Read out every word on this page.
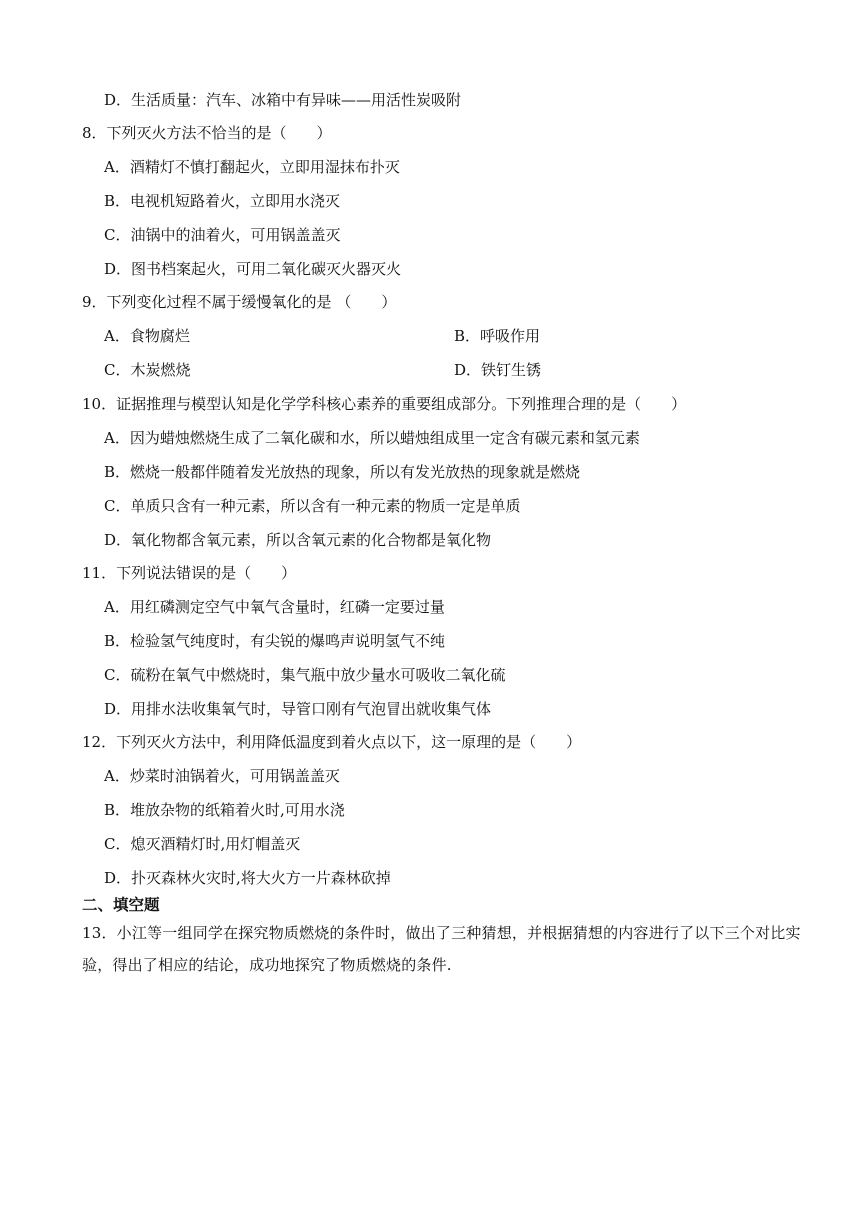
D．生活质量：汽车、冰箱中有异味——用活性炭吸附
8．下列灭火方法不恰当的是（　　）
A．酒精灯不慎打翻起火，立即用湿抹布扑灭
B．电视机短路着火，立即用水浇灭
C．油锅中的油着火，可用锅盖盖灭
D．图书档案起火，可用二氧化碳灭火器灭火
9．下列变化过程不属于缓慢氧化的是 （　　）
A．食物腐烂	B．呼吸作用
C．木炭燃烧	D．铁钉生锈
10．证据推理与模型认知是化学学科核心素养的重要组成部分。下列推理合理的是（　　）
A．因为蜡烛燃烧生成了二氧化碳和水，所以蜡烛组成里一定含有碳元素和氢元素
B．燃烧一般都伴随着发光放热的现象，所以有发光放热的现象就是燃烧
C．单质只含有一种元素，所以含有一种元素的物质一定是单质
D．氧化物都含氧元素，所以含氧元素的化合物都是氧化物
11．下列说法错误的是（　　）
A．用红磷测定空气中氧气含量时，红磷一定要过量
B．检验氢气纯度时，有尖锐的爆鸣声说明氢气不纯
C．硫粉在氧气中燃烧时，集气瓶中放少量水可吸收二氧化硫
D．用排水法收集氧气时，导管口刚有气泡冒出就收集气体
12．下列灭火方法中，利用降低温度到着火点以下，这一原理的是（　　）
A．炒菜时油锅着火，可用锅盖盖灭
B．堆放杂物的纸箱着火时,可用水浇
C．熄灭酒精灯时,用灯帽盖灭
D．扑灭森林火灾时,将大火方一片森林砍掉
二、填空题
13．小江等一组同学在探究物质燃烧的条件时，做出了三种猜想，并根据猜想的内容进行了以下三个对比实验，得出了相应的结论，成功地探究了物质燃烧的条件.
